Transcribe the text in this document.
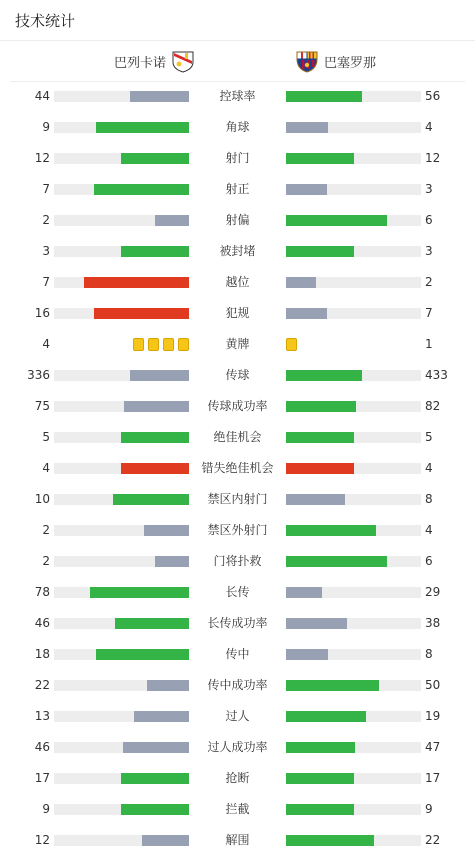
技术统计
巴列卡诺	巴塞罗那
44	控球率	56
9	角球	4
12	射门	12
7	射正	3
2	射偏	6
3	被封堵	3
7	越位	2
16	犯规	7
4	黄牌	1
336	传球	433
75	传球成功率	82
5	绝佳机会	5
4	错失绝佳机会	4
10	禁区内射门	8
2	禁区外射门	4
2	门将扑救	6
78	长传	29
46	长传成功率	38
18	传中	8
22	传中成功率	50
13	过人	19
46	过人成功率	47
17	抢断	17
9	拦截	9
12	解围	22
